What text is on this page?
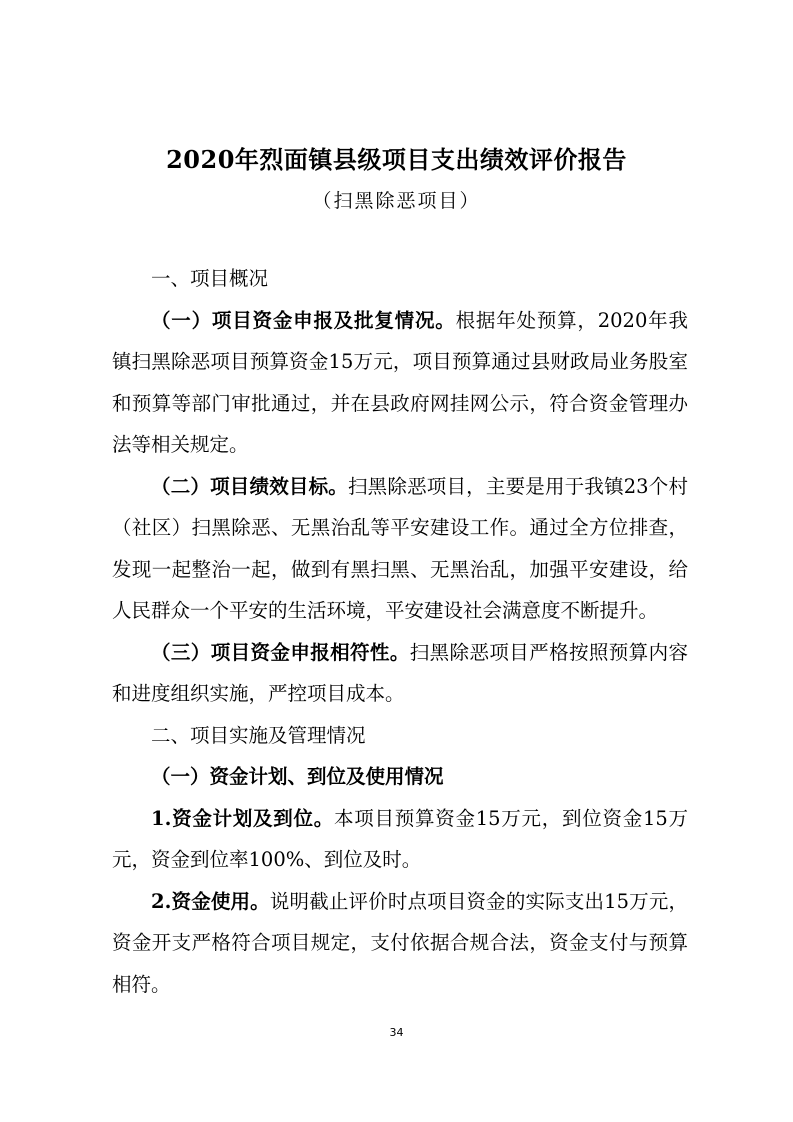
2020年烈面镇县级项目支出绩效评价报告
（扫黑除恶项目）

一、项目概况

（一）项目资金申报及批复情况。根据年处预算，2020年我镇扫黑除恶项目预算资金15万元，项目预算通过县财政局业务股室和预算等部门审批通过，并在县政府网挂网公示，符合资金管理办法等相关规定。

（二）项目绩效目标。扫黑除恶项目，主要是用于我镇23个村（社区）扫黑除恶、无黑治乱等平安建设工作。通过全方位排查，发现一起整治一起，做到有黑扫黑、无黑治乱，加强平安建设，给人民群众一个平安的生活环境，平安建设社会满意度不断提升。

（三）项目资金申报相符性。扫黑除恶项目严格按照预算内容和进度组织实施，严控项目成本。

二、项目实施及管理情况

（一）资金计划、到位及使用情况

1.资金计划及到位。本项目预算资金15万元，到位资金15万元，资金到位率100%、到位及时。

2.资金使用。说明截止评价时点项目资金的实际支出15万元，资金开支严格符合项目规定，支付依据合规合法，资金支付与预算相符。

34
